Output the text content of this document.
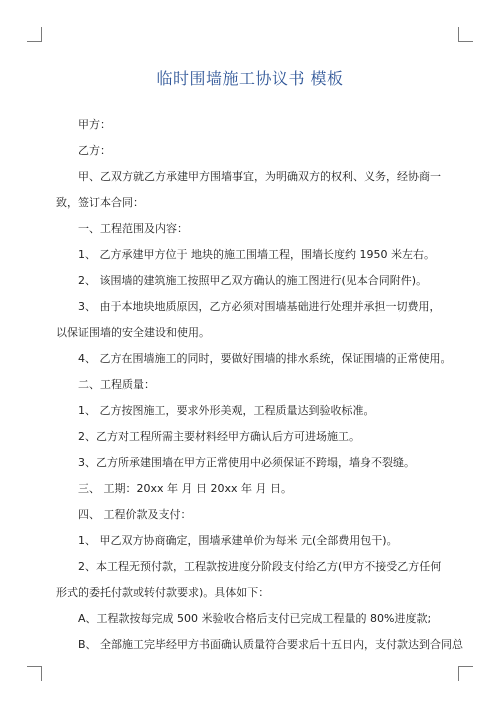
临时围墙施工协议书 模板

甲方：

乙方：

甲、乙双方就乙方承建甲方围墙事宜，为明确双方的权利、义务，经协商一致，签订本合同：

一、工程范围及内容：

1、 乙方承建甲方位于 地块的施工围墙工程，围墙长度约 1950 米左右。

2、 该围墙的建筑施工按照甲乙双方确认的施工图进行(见本合同附件)。

3、 由于本地块地质原因，乙方必须对围墙基础进行处理并承担一切费用，以保证围墙的安全建设和使用。

4、 乙方在围墙施工的同时，要做好围墙的排水系统，保证围墙的正常使用。

二、工程质量：

1、 乙方按图施工，要求外形美观，工程质量达到验收标准。

2、乙方对工程所需主要材料经甲方确认后方可进场施工。

3、乙方所承建围墙在甲方正常使用中必须保证不跨塌，墙身不裂缝。

三、 工期：20xx 年 月 日 20xx 年 月 日。

四、 工程价款及支付：

1、 甲乙双方协商确定，围墙承建单价为每米 元(全部费用包干)。

2、本工程无预付款，工程款按进度分阶段支付给乙方(甲方不接受乙方任何形式的委托付款或转付款要求)。具体如下：

A、工程款按每完成 500 米验收合格后支付已完成工程量的 80%进度款;

B、 全部施工完毕经甲方书面确认质量符合要求后十五日内，支付款达到合同总
